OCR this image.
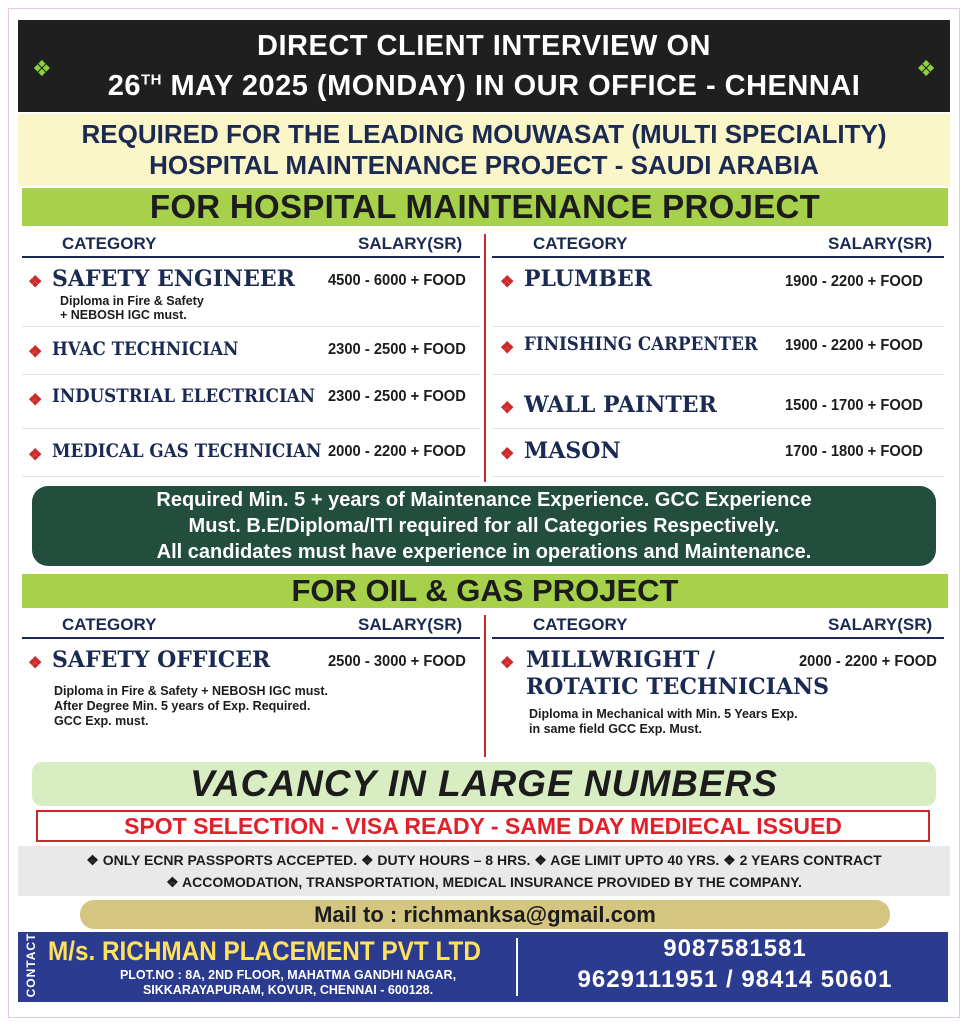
❖
DIRECT CLIENT INTERVIEW ON
26TH MAY 2025 (MONDAY) IN OUR OFFICE - CHENNAI
❖
REQUIRED FOR THE LEADING MOUWASAT (MULTI SPECIALITY)
HOSPITAL MAINTENANCE PROJECT - SAUDI ARABIA
FOR HOSPITAL MAINTENANCE PROJECT
CATEGORY	SALARY(SR)	CATEGORY	SALARY(SR)
❖ SAFETY ENGINEER 4500 - 6000 + FOOD
Diploma in Fire & Safety
+ NEBOSH IGC must.
❖ HVAC TECHNICIAN	2300 - 2500 + FOOD
❖ INDUSTRIAL ELECTRICIAN 2300 - 2500 + FOOD
❖ MEDICAL GAS TECHNICIAN 2000 - 2200 + FOOD
❖ PLUMBER	1900 - 2200 + FOOD
❖ FINISHING CARPENTER 1900 - 2200 + FOOD
❖ WALL PAINTER	1500 - 1700 + FOOD
❖ MASON	1700 - 1800 + FOOD
Required Min. 5 + years of Maintenance Experience. GCC Experience
Must. B.E/Diploma/ITI required for all Categories Respectively.
All candidates must have experience in operations and Maintenance.
FOR OIL & GAS PROJECT
CATEGORY	SALARY(SR)	CATEGORY	SALARY(SR)
❖ SAFETY OFFICER	2500 - 3000 + FOOD
Diploma in Fire & Safety + NEBOSH IGC must.
After Degree Min. 5 years of Exp. Required.
GCC Exp. must.
❖ MILLWRIGHT /
ROTATIC TECHNICIANS
2000 - 2200 + FOOD
Diploma in Mechanical with Min. 5 Years Exp.
in same field GCC Exp. Must.
VACANCY IN LARGE NUMBERS
SPOT SELECTION - VISA READY - SAME DAY MEDIECAL ISSUED
❖ ONLY ECNR PASSPORTS ACCEPTED. ❖ DUTY HOURS – 8 HRS. ❖ AGE LIMIT UPTO 40 YRS. ❖ 2 YEARS CONTRACT
❖ ACCOMODATION, TRANSPORTATION, MEDICAL INSURANCE PROVIDED BY THE COMPANY.
Mail to : richmanksa@gmail.com
CONTACT M/s. RICHMAN PLACEMENT PVT LTD
PLOT.NO : 8A, 2ND FLOOR, MAHATMA GANDHI NAGAR,
SIKKARAYAPURAM, KOVUR, CHENNAI - 600128.
9087581581
9629111951 / 98414 50601
